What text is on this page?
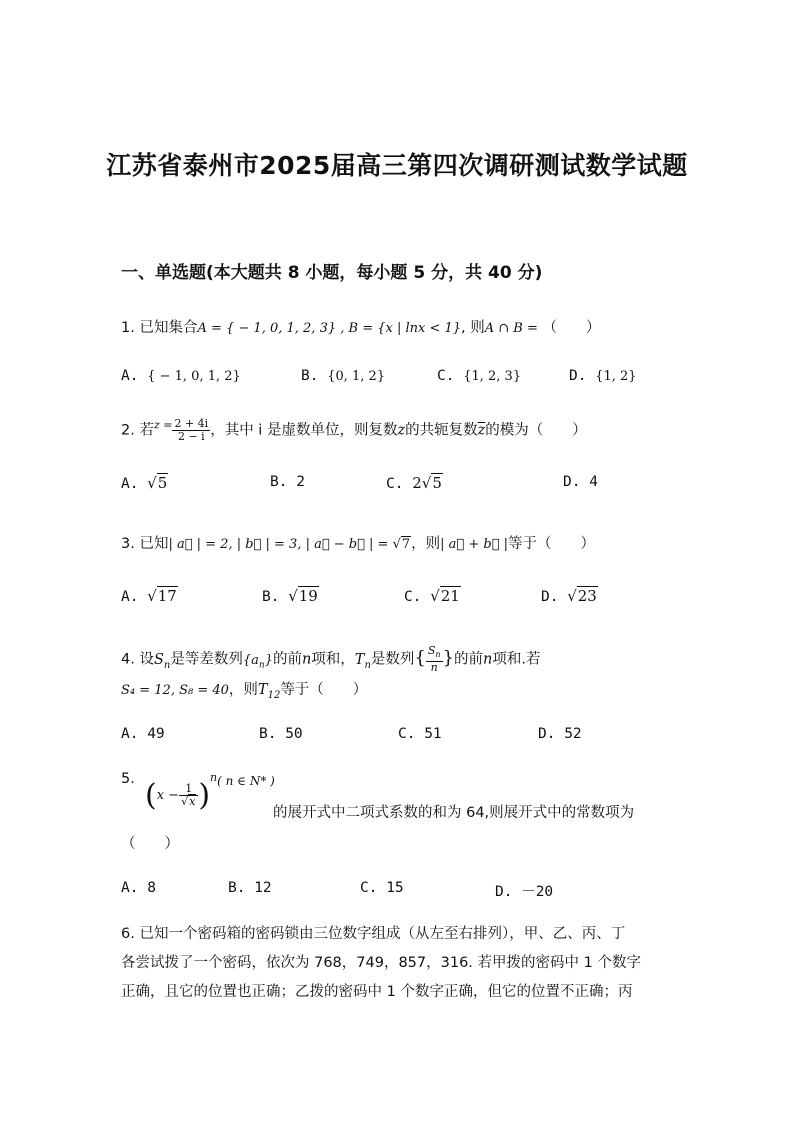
江苏省泰州市2025届高三第四次调研测试数学试题
一、单选题(本大题共 8 小题，每小题 5 分，共 40 分)
1. 已知集合A = { − 1, 0, 1, 2, 3} , B = {x | lnx < 1}, 则A ∩ B = （　　）
A. { − 1, 0, 1, 2}	B. {0, 1, 2}	C. {1, 2, 3}	D. {1, 2}
2. 若$^{z =} \frac{2 + 4i}{2 - i}$ ，其中 i 是虚数单位，则复数z的共轭复数$\overline{z}$的模为（　　）
A. √5	B. 2	C. 2√5	D. 4
3. 已知| a⃗ | = 2, | b⃗ | = 3, | a⃗ − b⃗ | = √7，则| a⃗ + b⃗ |等于（　　）
A. √17	B. √19	C. √21	D. √23
4. 设$S_n$是等差数列$\{a_n\}$的前n项和，$T_n$是数列{ $\frac{S_n}{n}$ }的前n项和.若
S₄ = 12, S₈ = 40，则$T_{12}$等于（　　）
A. 49	B. 50	C. 51	D. 52
5. $(x - \frac{1}{√x} )^{n( n \in N* )}$
的展开式中二项式系数的和为 64,则展开式中的常数项为
（　　）
A. 8	B. 12	C. 15	D. －20
6. 已知一个密码箱的密码锁由三位数字组成（从左至右排列），甲、乙、丙、丁
各尝试拨了一个密码，依次为 768，749，857，316. 若甲拨的密码中 1 个数字
正确，且它的位置也正确；乙拨的密码中 1 个数字正确，但它的位置不正确；丙
